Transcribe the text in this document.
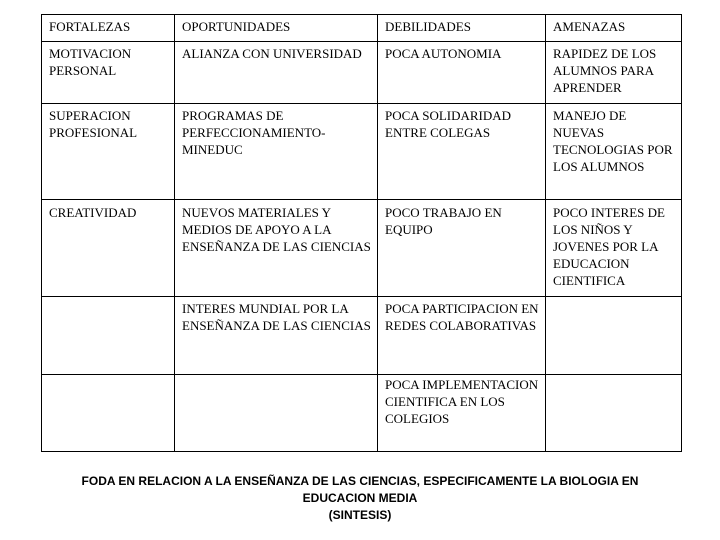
FORTALEZAS	OPORTUNIDADES	DEBILIDADES	AMENAZAS
MOTIVACION PERSONAL	ALIANZA CON UNIVERSIDAD	POCA AUTONOMIA	RAPIDEZ DE LOS ALUMNOS PARA APRENDER
SUPERACION PROFESIONAL	PROGRAMAS DE PERFECCIONAMIENTO-MINEDUC	POCA SOLIDARIDAD ENTRE COLEGAS	MANEJO DE NUEVAS TECNOLOGIAS POR LOS ALUMNOS
CREATIVIDAD	NUEVOS MATERIALES Y MEDIOS DE APOYO A LA ENSEÑANZA DE LAS CIENCIAS	POCO TRABAJO EN EQUIPO	POCO INTERES DE LOS NIÑOS Y JOVENES POR LA EDUCACION CIENTIFICA
	INTERES MUNDIAL POR LA ENSEÑANZA DE LAS CIENCIAS	POCA PARTICIPACION EN REDES COLABORATIVAS	
		POCA IMPLEMENTACION CIENTIFICA EN LOS COLEGIOS	
FODA EN RELACION A LA ENSEÑANZA DE LAS CIENCIAS, ESPECIFICAMENTE LA BIOLOGIA EN
EDUCACION MEDIA
(SINTESIS)
